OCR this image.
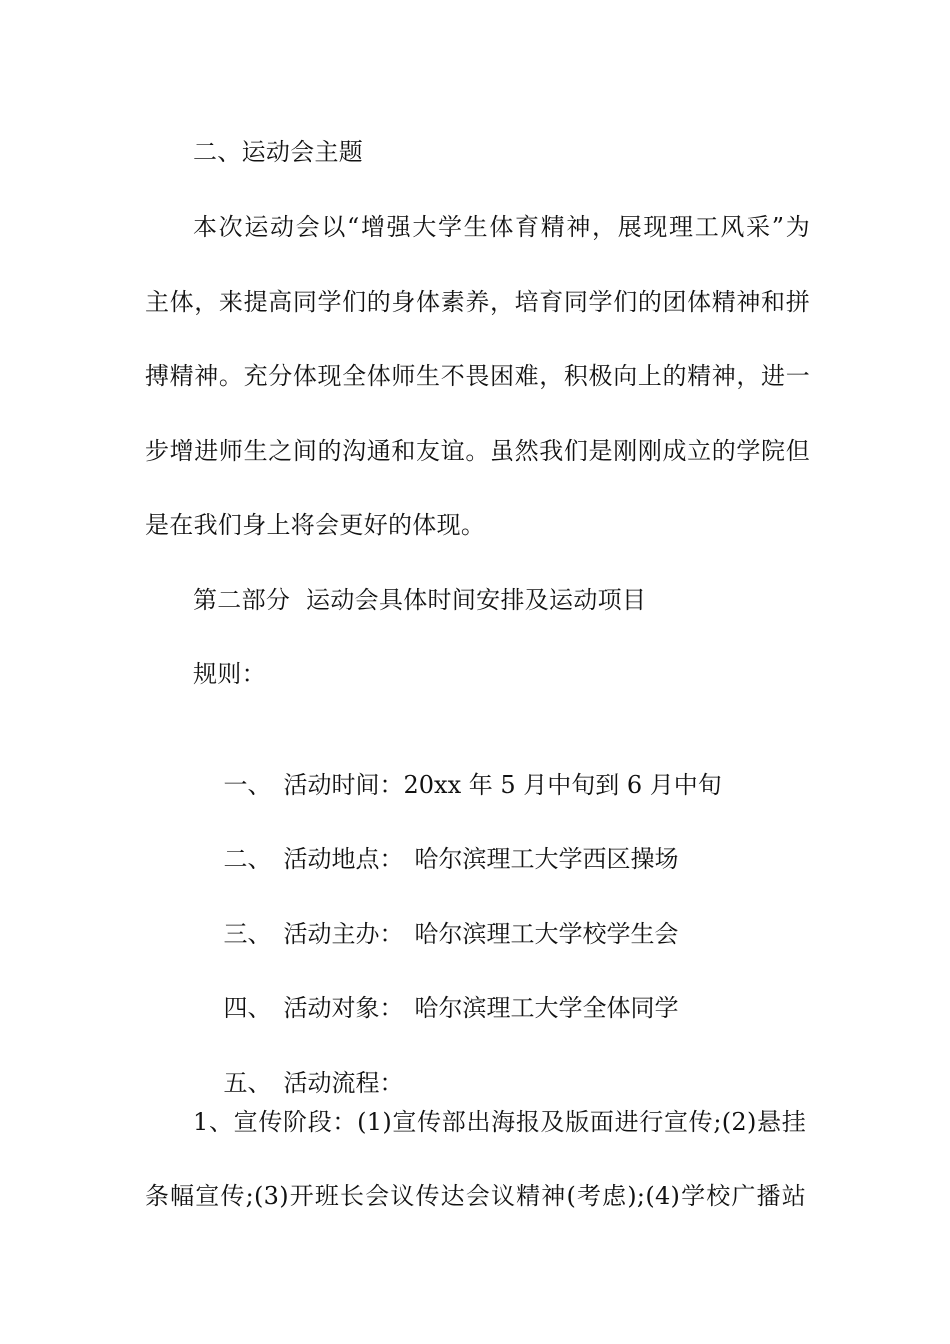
二、运动会主题
本次运动会以“增强大学生体育精神，展现理工风采”为
主体，来提高同学们的身体素养，培育同学们的团体精神和拼
搏精神。充分体现全体师生不畏困难，积极向上的精神，进一
步增进师生之间的沟通和友谊。虽然我们是刚刚成立的学院但
是在我们身上将会更好的体现。
第二部分  运动会具体时间安排及运动项目
规则：

一、 活动时间：20xx 年 5 月中旬到 6 月中旬

二、 活动地点： 哈尔滨理工大学西区操场

三、 活动主办： 哈尔滨理工大学校学生会

四、 活动对象： 哈尔滨理工大学全体同学

五、 活动流程：

1、宣传阶段：(1)宣传部出海报及版面进行宣传;(2)悬挂
条幅宣传;(3)开班长会议传达会议精神(考虑);(4)学校广播站
